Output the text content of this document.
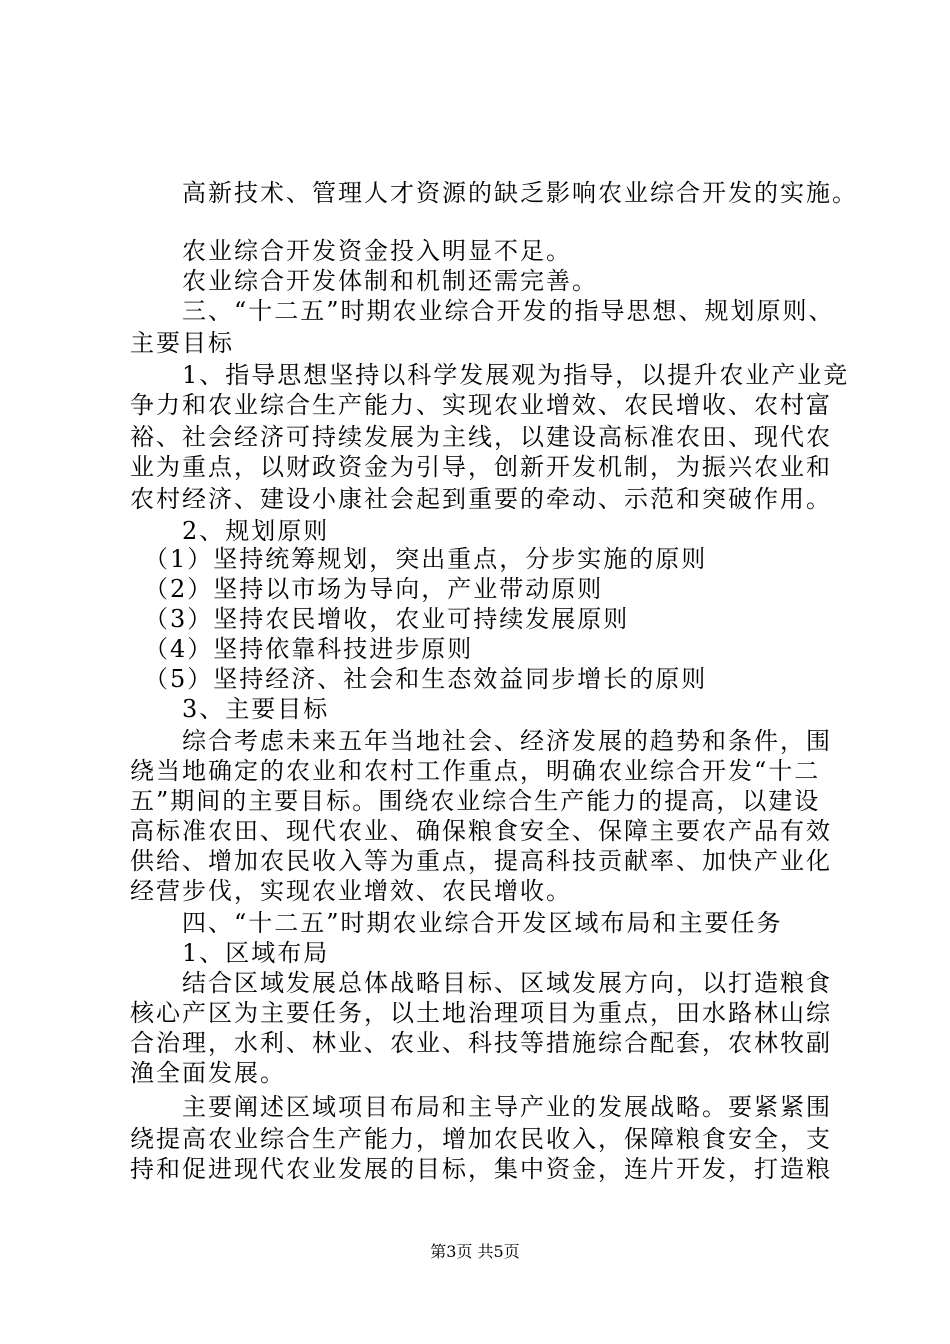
　　高新技术、管理人才资源的缺乏影响农业综合开发的实施。
　　农业综合开发资金投入明显不足。
　　农业综合开发体制和机制还需完善。
　　三、“十二五”时期农业综合开发的指导思想、规划原则、
主要目标
　　1、指导思想坚持以科学发展观为指导，以提升农业产业竞
争力和农业综合生产能力、实现农业增效、农民增收、农村富
裕、社会经济可持续发展为主线，以建设高标准农田、现代农
业为重点，以财政资金为引导，创新开发机制，为振兴农业和
农村经济、建设小康社会起到重要的牵动、示范和突破作用。
　　2、规划原则
　（1）坚持统筹规划，突出重点，分步实施的原则
　（2）坚持以市场为导向，产业带动原则
　（3）坚持农民增收，农业可持续发展原则
　（4）坚持依靠科技进步原则
　（5）坚持经济、社会和生态效益同步增长的原则
　　3、主要目标
　　综合考虑未来五年当地社会、经济发展的趋势和条件，围
绕当地确定的农业和农村工作重点，明确农业综合开发“十二
五”期间的主要目标。围绕农业综合生产能力的提高，以建设
高标准农田、现代农业、确保粮食安全、保障主要农产品有效
供给、增加农民收入等为重点，提高科技贡献率、加快产业化
经营步伐，实现农业增效、农民增收。
　　四、“十二五”时期农业综合开发区域布局和主要任务
　　1、区域布局
　　结合区域发展总体战略目标、区域发展方向，以打造粮食
核心产区为主要任务，以土地治理项目为重点，田水路林山综
合治理，水利、林业、农业、科技等措施综合配套，农林牧副
渔全面发展。
　　主要阐述区域项目布局和主导产业的发展战略。要紧紧围
绕提高农业综合生产能力，增加农民收入，保障粮食安全，支
持和促进现代农业发展的目标，集中资金，连片开发，打造粮
第3页 共5页
